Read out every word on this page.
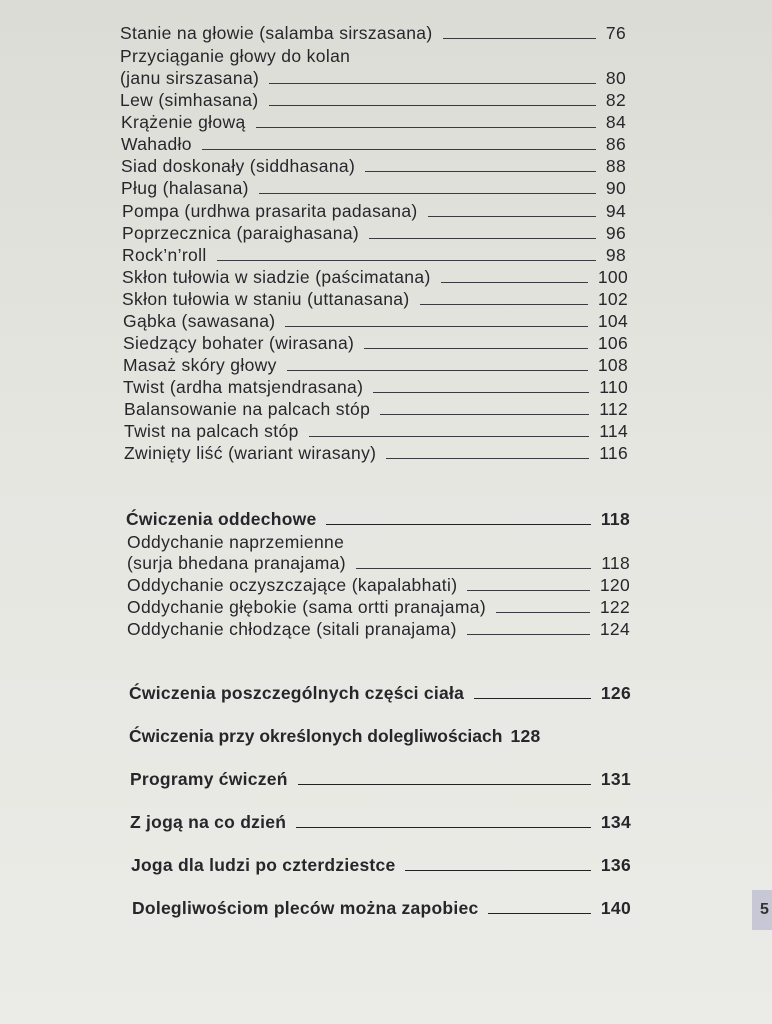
Stanie na głowie (salamba sirszasana)	76
Przyciąganie głowy do kolan
(janu sirszasana)	80
Lew (simhasana)	82
Krążenie głową	84
Wahadło	86
Siad doskonały (siddhasana)	88
Pług (halasana)	90
Pompa (urdhwa prasarita padasana)	94
Poprzecznica (paraighasana)	96
Rock’n’roll	98
Skłon tułowia w siadzie (paścimatana)	100
Skłon tułowia w staniu (uttanasana)	102
Gąbka (sawasana)	104
Siedzący bohater (wirasana)	106
Masaż skóry głowy	108
Twist (ardha matsjendrasana)	110
Balansowanie na palcach stóp	112
Twist na palcach stóp	114
Zwinięty liść (wariant wirasany)	116
Ćwiczenia oddechowe	118
Oddychanie naprzemienne
(surja bhedana pranajama)	118
Oddychanie oczyszczające (kapalabhati)	120
Oddychanie głębokie (sama ortti pranajama)	122
Oddychanie chłodzące (sitali pranajama)	124
Ćwiczenia poszczególnych części ciała	126
Ćwiczenia przy określonych dolegliwościach 128
Programy ćwiczeń	131
Z jogą na co dzień	134
Joga dla ludzi po czterdziestce	136
Dolegliwościom pleców można zapobiec	140	5
